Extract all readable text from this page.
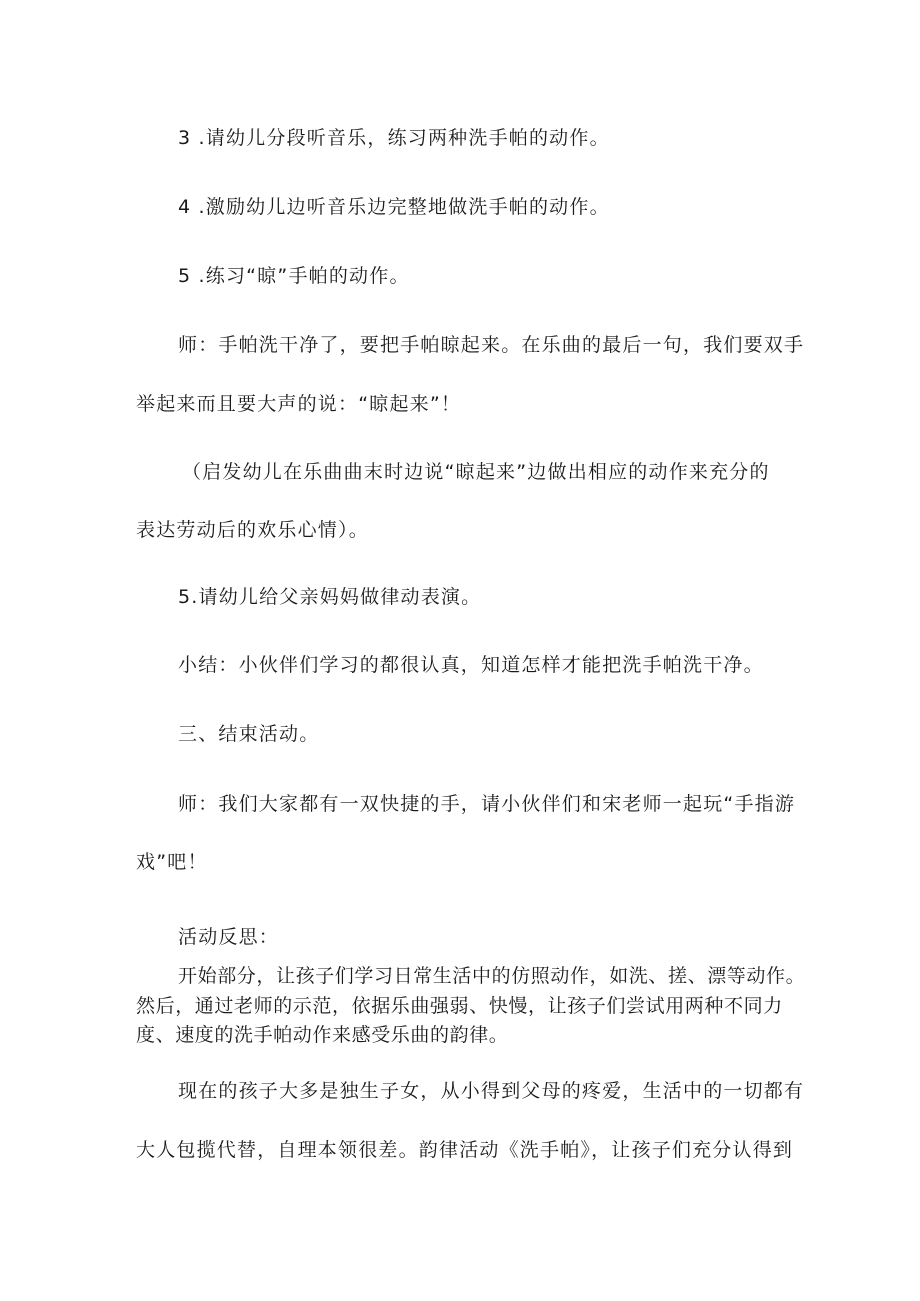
3 .请幼儿分段听音乐，练习两种洗手帕的动作。
4 .激励幼儿边听音乐边完整地做洗手帕的动作。
5 .练习“晾”手帕的动作。
师：手帕洗干净了，要把手帕晾起来。在乐曲的最后一句，我们要双手
举起来而且要大声的说：“晾起来”！
（启发幼儿在乐曲曲末时边说“晾起来”边做出相应的动作来充分的
表达劳动后的欢乐心情）。
5.请幼儿给父亲妈妈做律动表演。
小结：小伙伴们学习的都很认真，知道怎样才能把洗手帕洗干净。
三、结束活动。
师：我们大家都有一双快捷的手，请小伙伴们和宋老师一起玩“手指游
戏”吧！
活动反思：
开始部分，让孩子们学习日常生活中的仿照动作，如洗、搓、漂等动作。
然后，通过老师的示范，依据乐曲强弱、快慢，让孩子们尝试用两种不同力
度、速度的洗手帕动作来感受乐曲的韵律。
现在的孩子大多是独生子女，从小得到父母的疼爱，生活中的一切都有
大人包揽代替，自理本领很差。韵律活动《洗手帕》，让孩子们充分认得到
